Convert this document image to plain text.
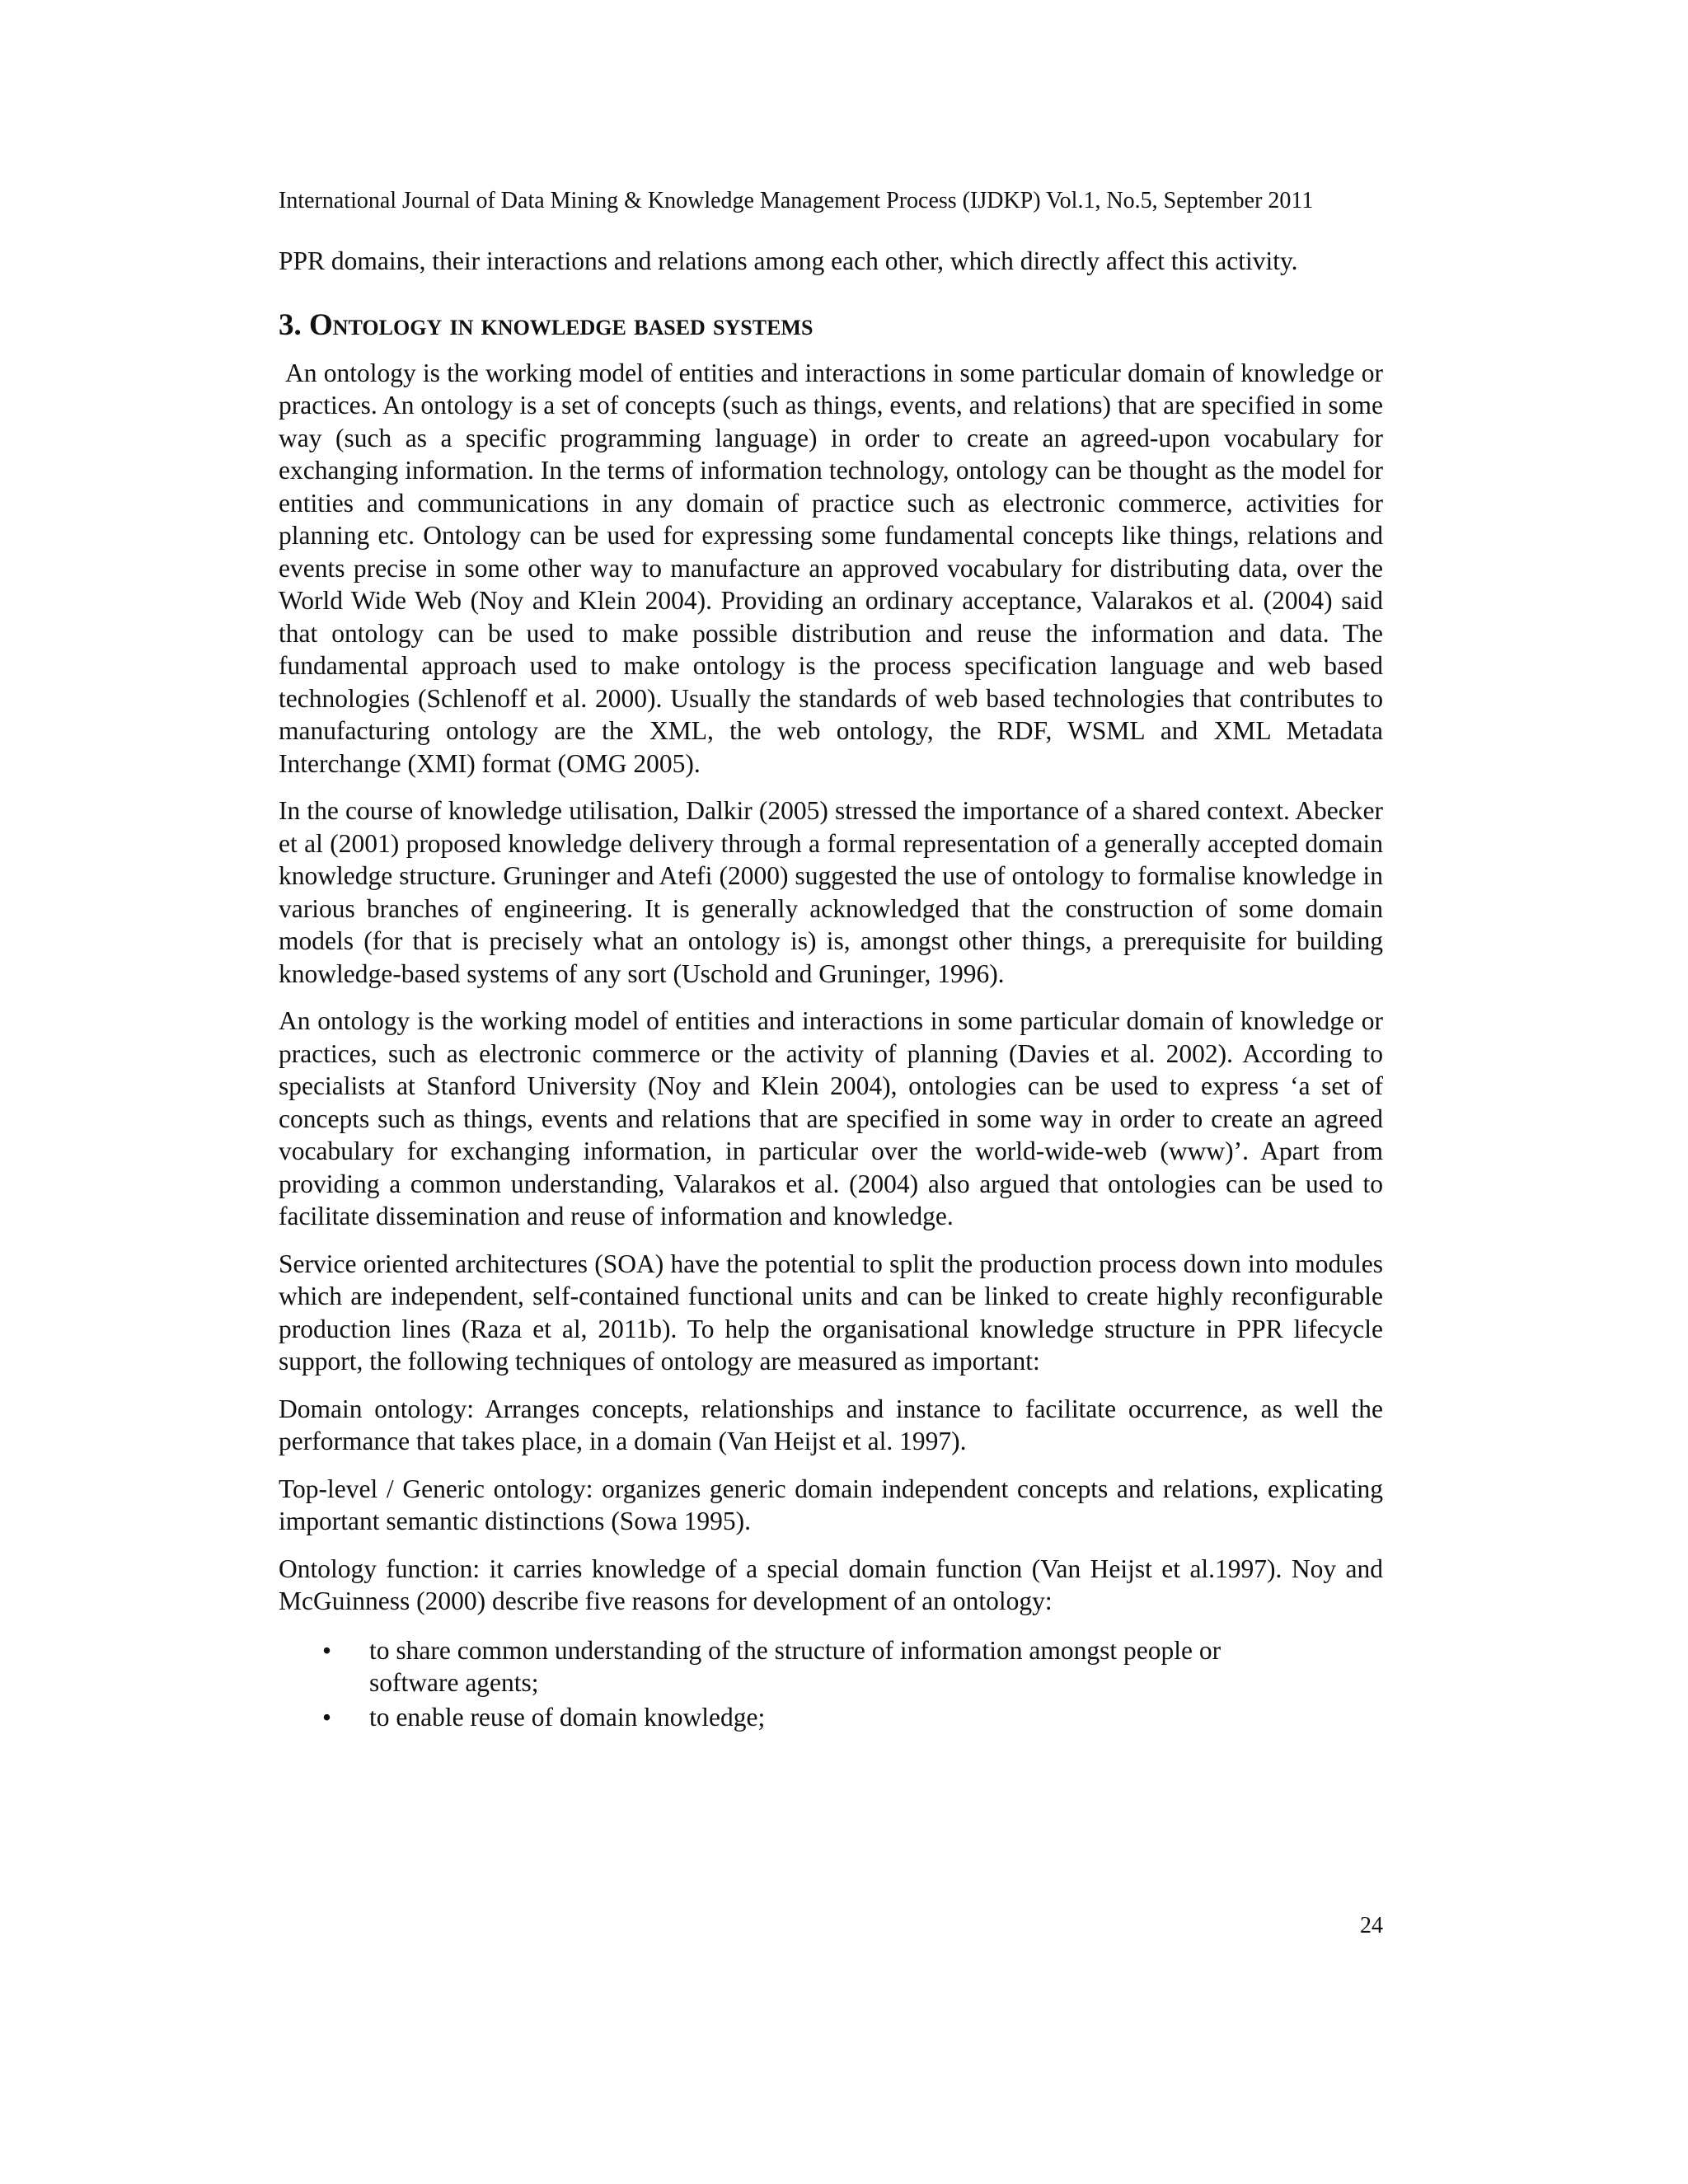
International Journal of Data Mining & Knowledge Management Process (IJDKP) Vol.1, No.5, September 2011

PPR domains, their interactions and relations among each other, which directly affect this activity.

3. Ontology in knowledge based systems

An ontology is the working model of entities and interactions in some particular domain of knowledge or practices. An ontology is a set of concepts (such as things, events, and relations) that are specified in some way (such as a specific programming language) in order to create an agreed-upon vocabulary for exchanging information. In the terms of information technology, ontology can be thought as the model for entities and communications in any domain of practice such as electronic commerce, activities for planning etc. Ontology can be used for expressing some fundamental concepts like things, relations and events precise in some other way to manufacture an approved vocabulary for distributing data, over the World Wide Web (Noy and Klein 2004). Providing an ordinary acceptance, Valarakos et al. (2004) said that ontology can be used to make possible distribution and reuse the information and data. The fundamental approach used to make ontology is the process specification language and web based technologies (Schlenoff et al. 2000). Usually the standards of web based technologies that contributes to manufacturing ontology are the XML, the web ontology, the RDF, WSML and XML Metadata Interchange (XMI) format (OMG 2005).

In the course of knowledge utilisation, Dalkir (2005) stressed the importance of a shared context. Abecker et al (2001) proposed knowledge delivery through a formal representation of a generally accepted domain knowledge structure. Gruninger and Atefi (2000) suggested the use of ontology to formalise knowledge in various branches of engineering. It is generally acknowledged that the construction of some domain models (for that is precisely what an ontology is) is, amongst other things, a prerequisite for building knowledge-based systems of any sort (Uschold and Gruninger, 1996).

An ontology is the working model of entities and interactions in some particular domain of knowledge or practices, such as electronic commerce or the activity of planning (Davies et al. 2002). According to specialists at Stanford University (Noy and Klein 2004), ontologies can be used to express ‘a set of concepts such as things, events and relations that are specified in some way in order to create an agreed vocabulary for exchanging information, in particular over the world-wide-web (www)’. Apart from providing a common understanding, Valarakos et al. (2004) also argued that ontologies can be used to facilitate dissemination and reuse of information and knowledge.

Service oriented architectures (SOA) have the potential to split the production process down into modules which are independent, self-contained functional units and can be linked to create highly reconfigurable production lines (Raza et al, 2011b). To help the organisational knowledge structure in PPR lifecycle support, the following techniques of ontology are measured as important:

Domain ontology: Arranges concepts, relationships and instance to facilitate occurrence, as well the performance that takes place, in a domain (Van Heijst et al. 1997).

Top-level / Generic ontology: organizes generic domain independent concepts and relations, explicating important semantic distinctions (Sowa 1995).

Ontology function: it carries knowledge of a special domain function (Van Heijst et al.1997). Noy and McGuinness (2000) describe five reasons for development of an ontology:

• to share common understanding of the structure of information amongst people or software agents;
• to enable reuse of domain knowledge;
24
